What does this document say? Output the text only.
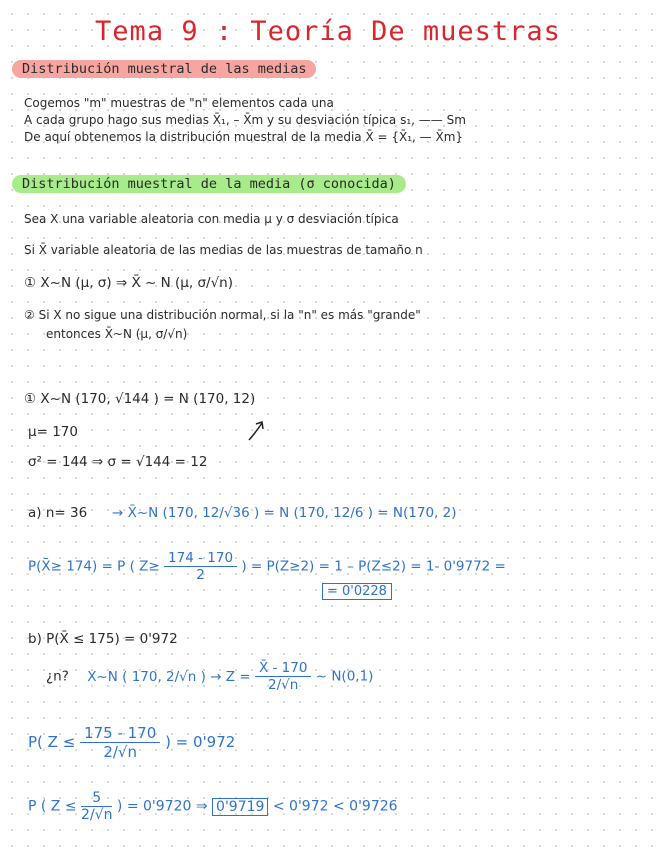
Tema 9 : Teoría De muestras
Distribución muestral de las medias
Cogemos "m" muestras de "n" elementos cada una
A cada grupo hago sus medias X̄₁, – X̄m y su desviación típica s₁, —— Sm
De aquí obtenemos la distribución muestral de la media X̄ = {X̄₁, — X̄m}
Distribución muestral de la media (σ conocida)
Sea X una variable aleatoria con media μ y σ desviación típica
Si X̄ variable aleatoria de las medias de las muestras de tamaño n
① X~N (μ, σ) ⇒ X̄ ~ N (μ, σ/√n)
② Si X no sigue una distribución normal, si la "n" es más "grande"
entonces X̄~N (μ, σ/√n)
① X~N (170, √144 ) = N (170, 12)
μ= 170
σ² = 144 ⇒ σ = √144 = 12
a) n= 36 → X̄~N (170, 12/√36 ) = N (170, 12/6 ) = N(170, 2)
P(X̄≥ 174) = P ( $Z\ge \frac{174 - 170}{2}$ ) = P(Z≥2) = 1 – P(Z≤2) = 1- 0'9772 =
= 0'0228
b) P(X̄ ≤ 175) = 0'972
¿n? X~N ( 170, 2/√n ) → $Z = \frac{X̄ - 170}{2/√n}$ ~ N(0,1)
P( $Z \le \frac{175 - 170}{2/√n}$ ) = 0'972
P ( $Z \le \frac{5}{2/√n}$ ) = 0'9720 ⇒ 0'9719 < 0'972 < 0'9726
